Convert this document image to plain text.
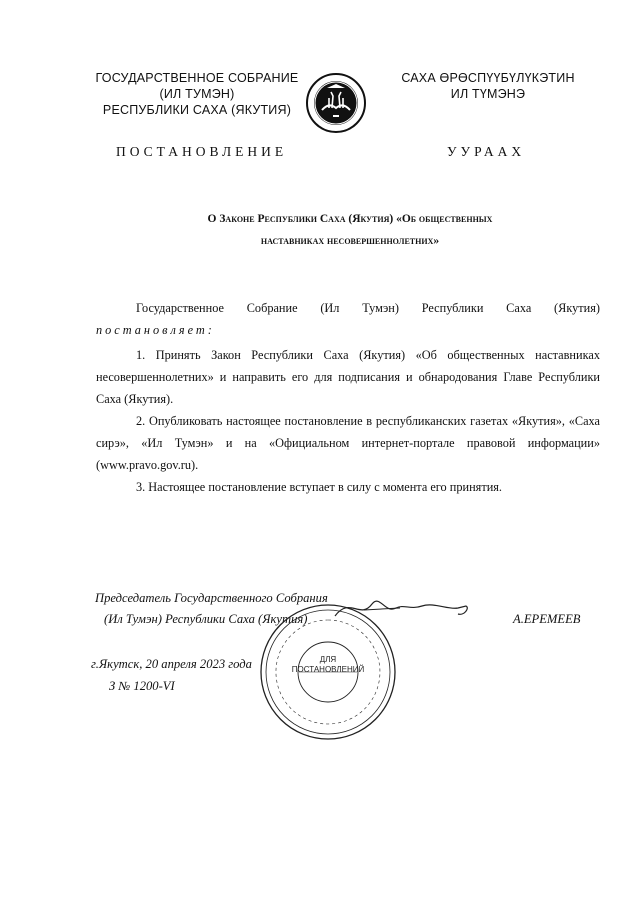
ГОСУДАРСТВЕННОЕ СОБРАНИЕ
(ИЛ ТУМЭН)
РЕСПУБЛИКИ САХА (ЯКУТИЯ)
САХА ӨРӨСПҮҮБҮЛҮКЭТИН
ИЛ ТҮМЭНЭ
ПОСТАНОВЛЕНИЕ	УУРААХ
О Законе Республики Саха (Якутия) «Об общественных
наставниках несовершеннолетних»
Государственное Собрание (Ил Тумэн) Республики Саха (Якутия)
постановляет:

1. Принять Закон Республики Саха (Якутия) «Об общественных наставниках несовершеннолетних» и направить его для подписания и обнародования Главе Республики Саха (Якутия).

2. Опубликовать настоящее постановление в республиканских газетах «Якутия», «Саха сирэ», «Ил Тумэн» и на «Официальном интернет-портале правовой информации» (www.pravo.gov.ru).

3. Настоящее постановление вступает в силу с момента его принятия.

Председатель Государственного Собрания
(Ил Тумэн) Республики Саха (Якутия)	А.ЕРЕМЕЕВ
г.Якутск, 20 апреля 2023 года
З № 1200-VI
ДЛЯ
ПОСТАНОВЛЕНИЙ
